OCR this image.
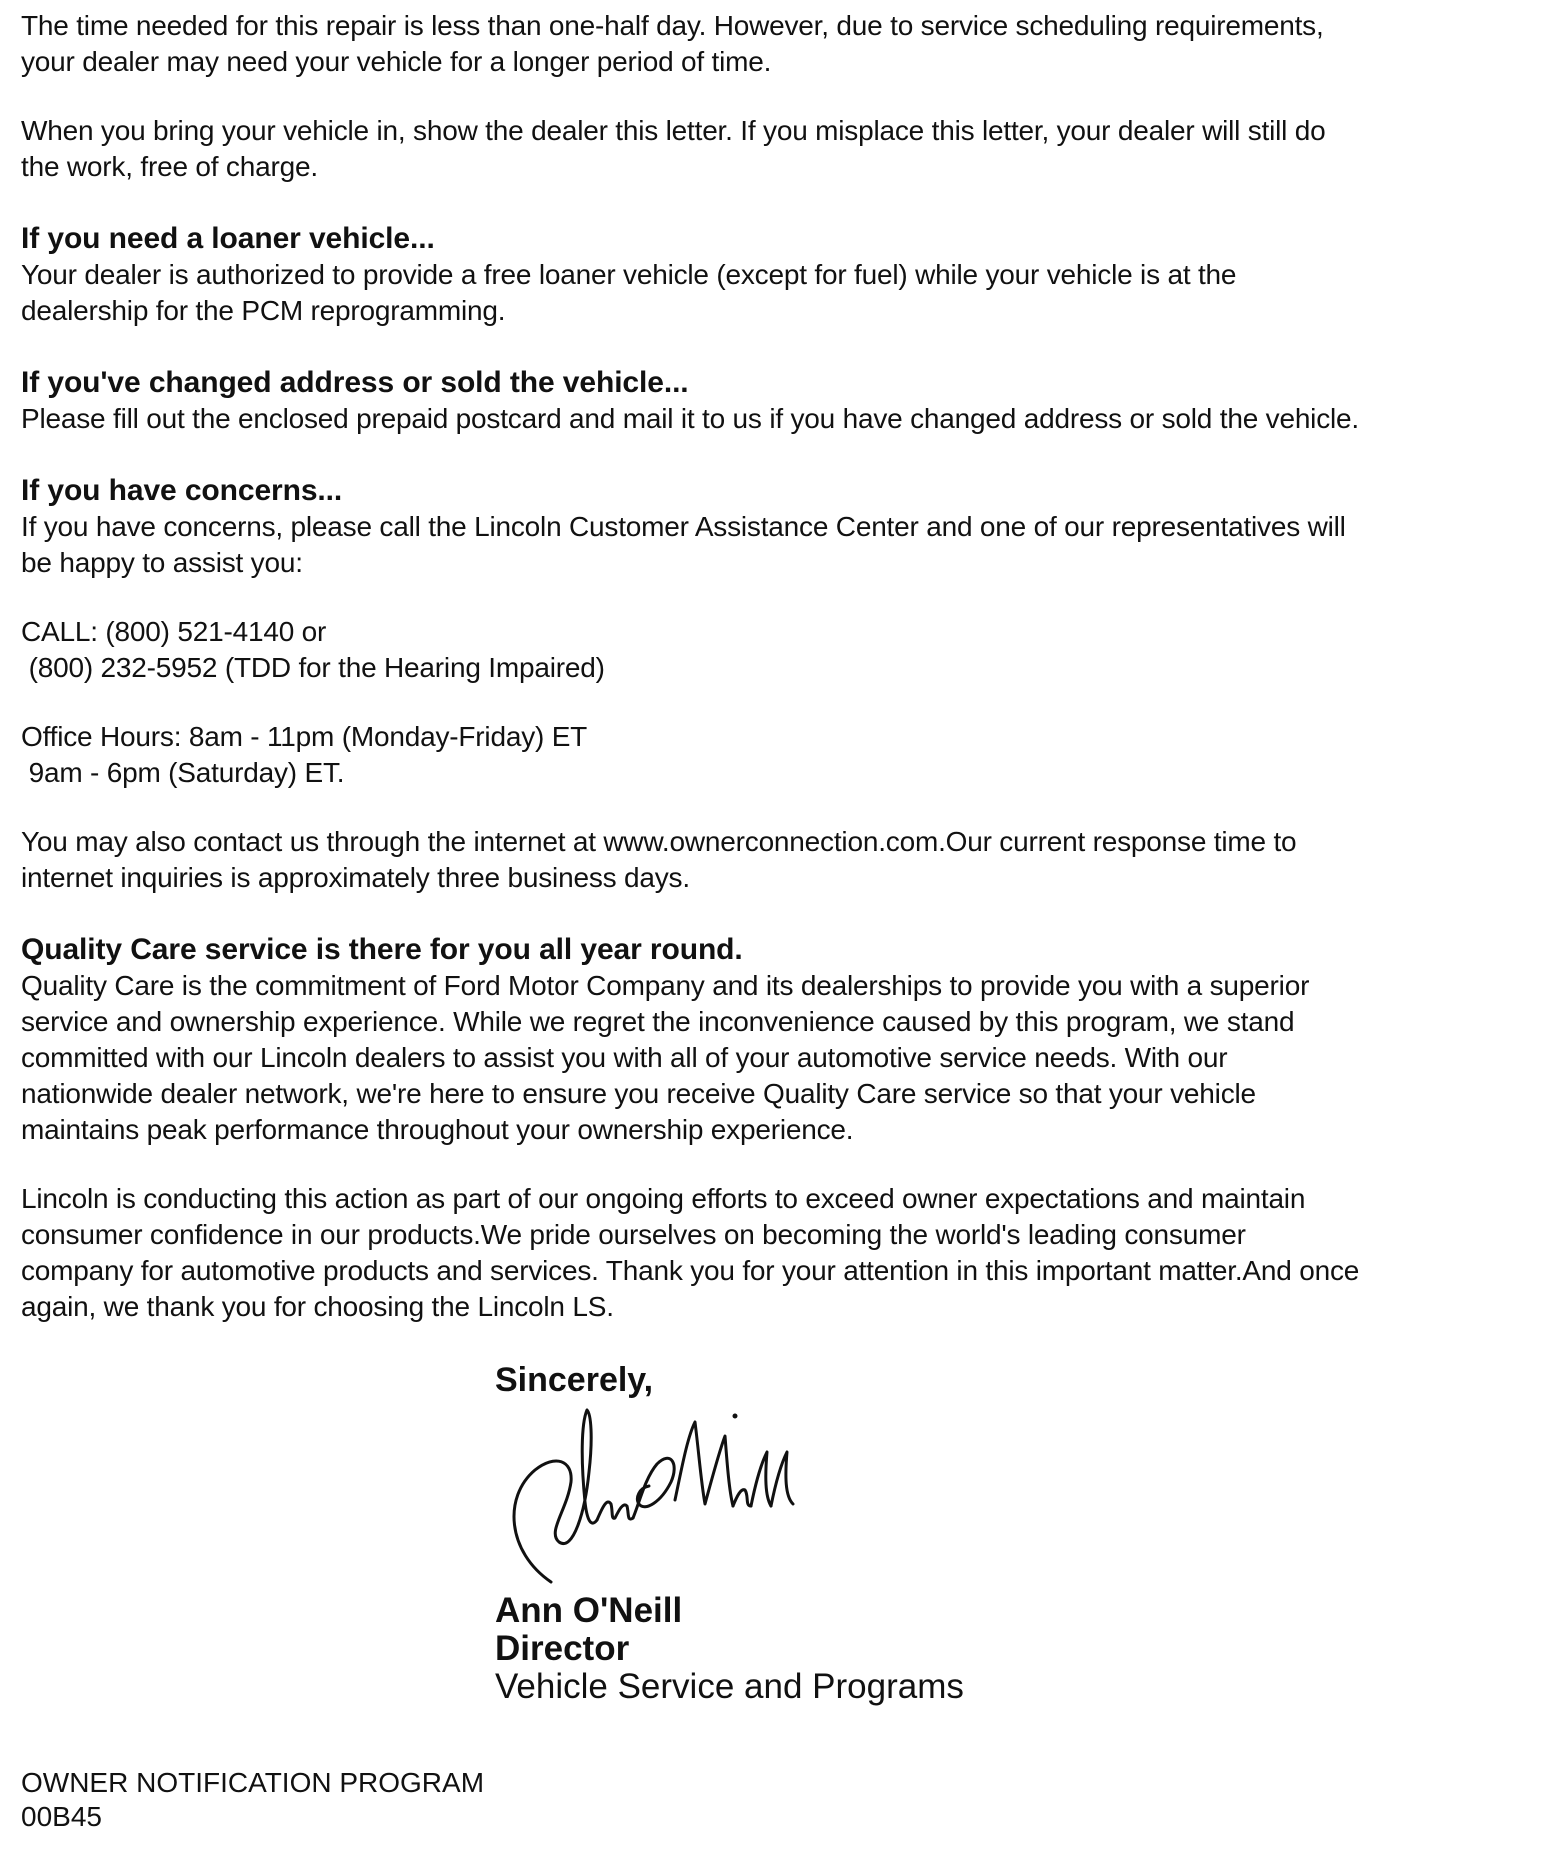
The time needed for this repair is less than one-half day. However, due to service scheduling requirements,
your dealer may need your vehicle for a longer period of time.

When you bring your vehicle in, show the dealer this letter. If you misplace this letter, your dealer will still do
the work, free of charge.

If you need a loaner vehicle...

Your dealer is authorized to provide a free loaner vehicle (except for fuel) while your vehicle is at the
dealership for the PCM reprogramming.

If you've changed address or sold the vehicle...

Please fill out the enclosed prepaid postcard and mail it to us if you have changed address or sold the vehicle.

If you have concerns...

If you have concerns, please call the Lincoln Customer Assistance Center and one of our representatives will
be happy to assist you:

CALL: (800) 521-4140 or
(800) 232-5952 (TDD for the Hearing Impaired)

Office Hours: 8am - 11pm (Monday-Friday) ET
9am - 6pm (Saturday) ET.

You may also contact us through the internet at www.ownerconnection.com.Our current response time to
internet inquiries is approximately three business days.

Quality Care service is there for you all year round.

Quality Care is the commitment of Ford Motor Company and its dealerships to provide you with a superior
service and ownership experience. While we regret the inconvenience caused by this program, we stand
committed with our Lincoln dealers to assist you with all of your automotive service needs. With our
nationwide dealer network, we're here to ensure you receive Quality Care service so that your vehicle
maintains peak performance throughout your ownership experience.

Lincoln is conducting this action as part of our ongoing efforts to exceed owner expectations and maintain
consumer confidence in our products.We pride ourselves on becoming the world's leading consumer
company for automotive products and services. Thank you for your attention in this important matter.And once
again, we thank you for choosing the Lincoln LS.

Sincerely,
Ann O'Neill
Director
Vehicle Service and Programs
OWNER NOTIFICATION PROGRAM
00B45
